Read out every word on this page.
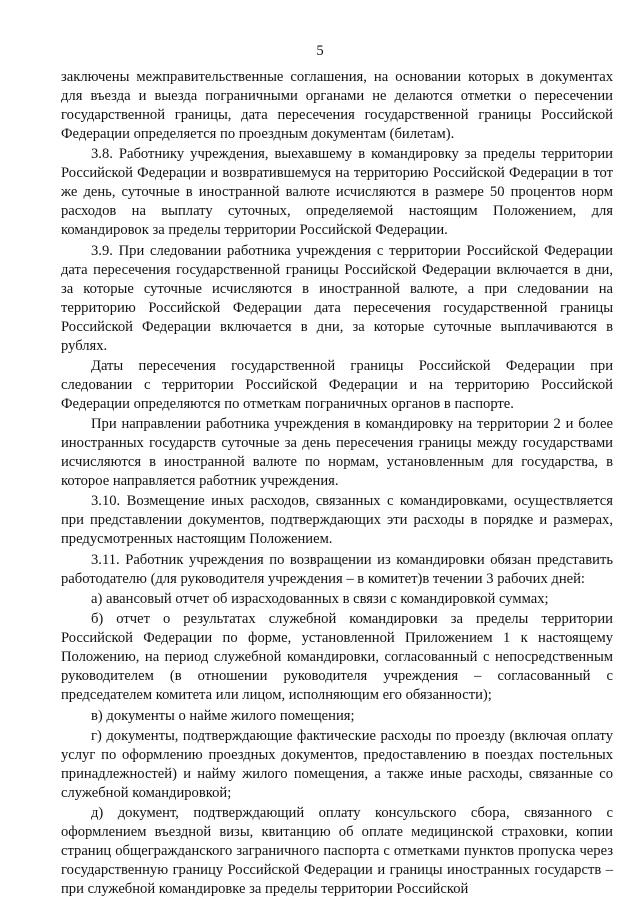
5

заключены межправительственные соглашения, на основании которых в документах для въезда и выезда пограничными органами не делаются отметки о пересечении государственной границы, дата пересечения государственной границы Российской Федерации определяется по проездным документам (билетам).

3.8. Работнику учреждения, выехавшему в командировку за пределы территории Российской Федерации и возвратившемуся на территорию Российской Федерации в тот же день, суточные в иностранной валюте исчисляются в размере 50 процентов норм расходов на выплату суточных, определяемой настоящим Положением, для командировок за пределы территории Российской Федерации.

3.9. При следовании работника учреждения с территории Российской Федерации дата пересечения государственной границы Российской Федерации включается в дни, за которые суточные исчисляются в иностранной валюте, а при следовании на территорию Российской Федерации дата пересечения государственной границы Российской Федерации включается в дни, за которые суточные выплачиваются в рублях.

Даты пересечения государственной границы Российской Федерации при следовании с территории Российской Федерации и на территорию Российской Федерации определяются по отметкам пограничных органов в паспорте.

При направлении работника учреждения в командировку на территории 2 и более иностранных государств суточные за день пересечения границы между государствами исчисляются в иностранной валюте по нормам, установленным для государства, в которое направляется работник учреждения.

3.10. Возмещение иных расходов, связанных с командировками, осуществляется при представлении документов, подтверждающих эти расходы в порядке и размерах, предусмотренных настоящим Положением.

3.11. Работник учреждения по возвращении из командировки обязан представить работодателю (для руководителя учреждения – в комитет)в течении 3 рабочих дней:

а) авансовый отчет об израсходованных в связи с командировкой суммах;

б) отчет о результатах служебной командировки за пределы территории Российской Федерации по форме, установленной Приложением 1 к настоящему Положению, на период служебной командировки, согласованный с непосредственным руководителем (в отношении руководителя учреждения – согласованный с председателем комитета или лицом, исполняющим его обязанности);

в) документы о найме жилого помещения;

г) документы, подтверждающие фактические расходы по проезду (включая оплату услуг по оформлению проездных документов, предоставлению в поездах постельных принадлежностей) и найму жилого помещения, а также иные расходы, связанные со служебной командировкой;

д) документ, подтверждающий оплату консульского сбора, связанного с оформлением въездной визы, квитанцию об оплате медицинской страховки, копии страниц общегражданского заграничного паспорта с отметками пунктов пропуска через государственную границу Российской Федерации и границы иностранных государств – при служебной командировке за пределы территории Российской
